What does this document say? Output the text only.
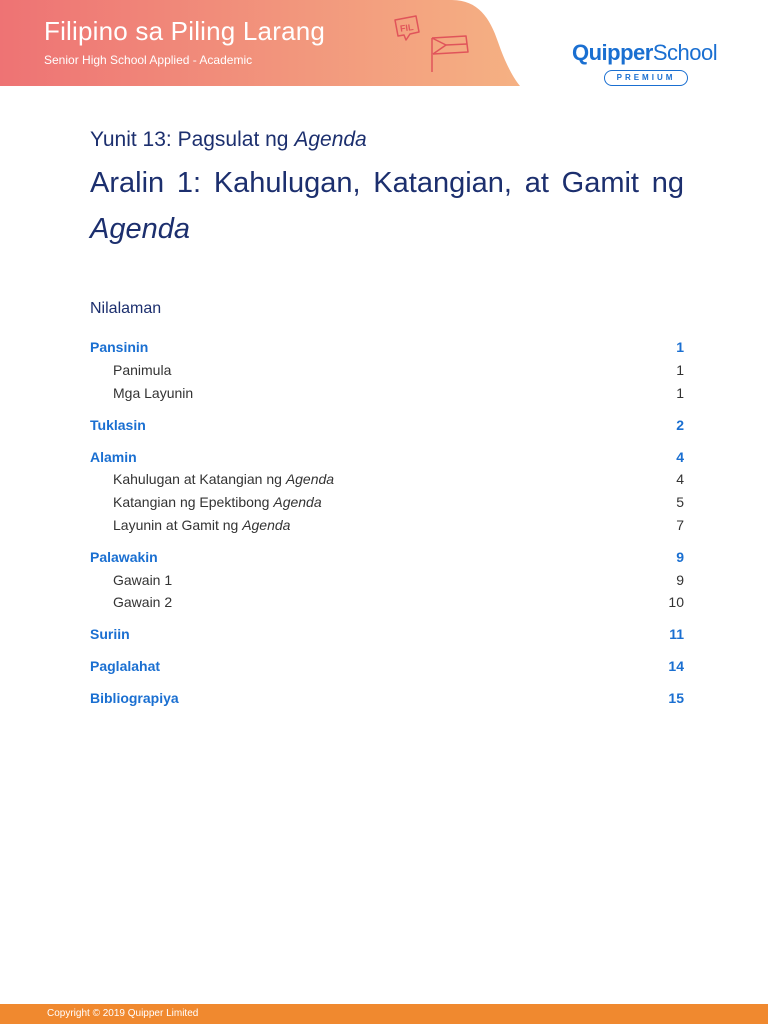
Filipino sa Piling Larang
Senior High School Applied - Academic
FIL
QuipperSchool
PREMIUM
Yunit 13: Pagsulat ng Agenda
Aralin 1: Kahulugan, Katangian, at Gamit ng Agenda
Nilalaman
Pansinin	1
Panimula	1
Mga Layunin	1
Tuklasin	2
Alamin	4
Kahulugan at Katangian ng Agenda	4
Katangian ng Epektibong Agenda	5
Layunin at Gamit ng Agenda	7
Palawakin	9
Gawain 1	9
Gawain 2	10
Suriin	11
Paglalahat	14
Bibliograpiya	15
Copyright © 2019 Quipper Limited
